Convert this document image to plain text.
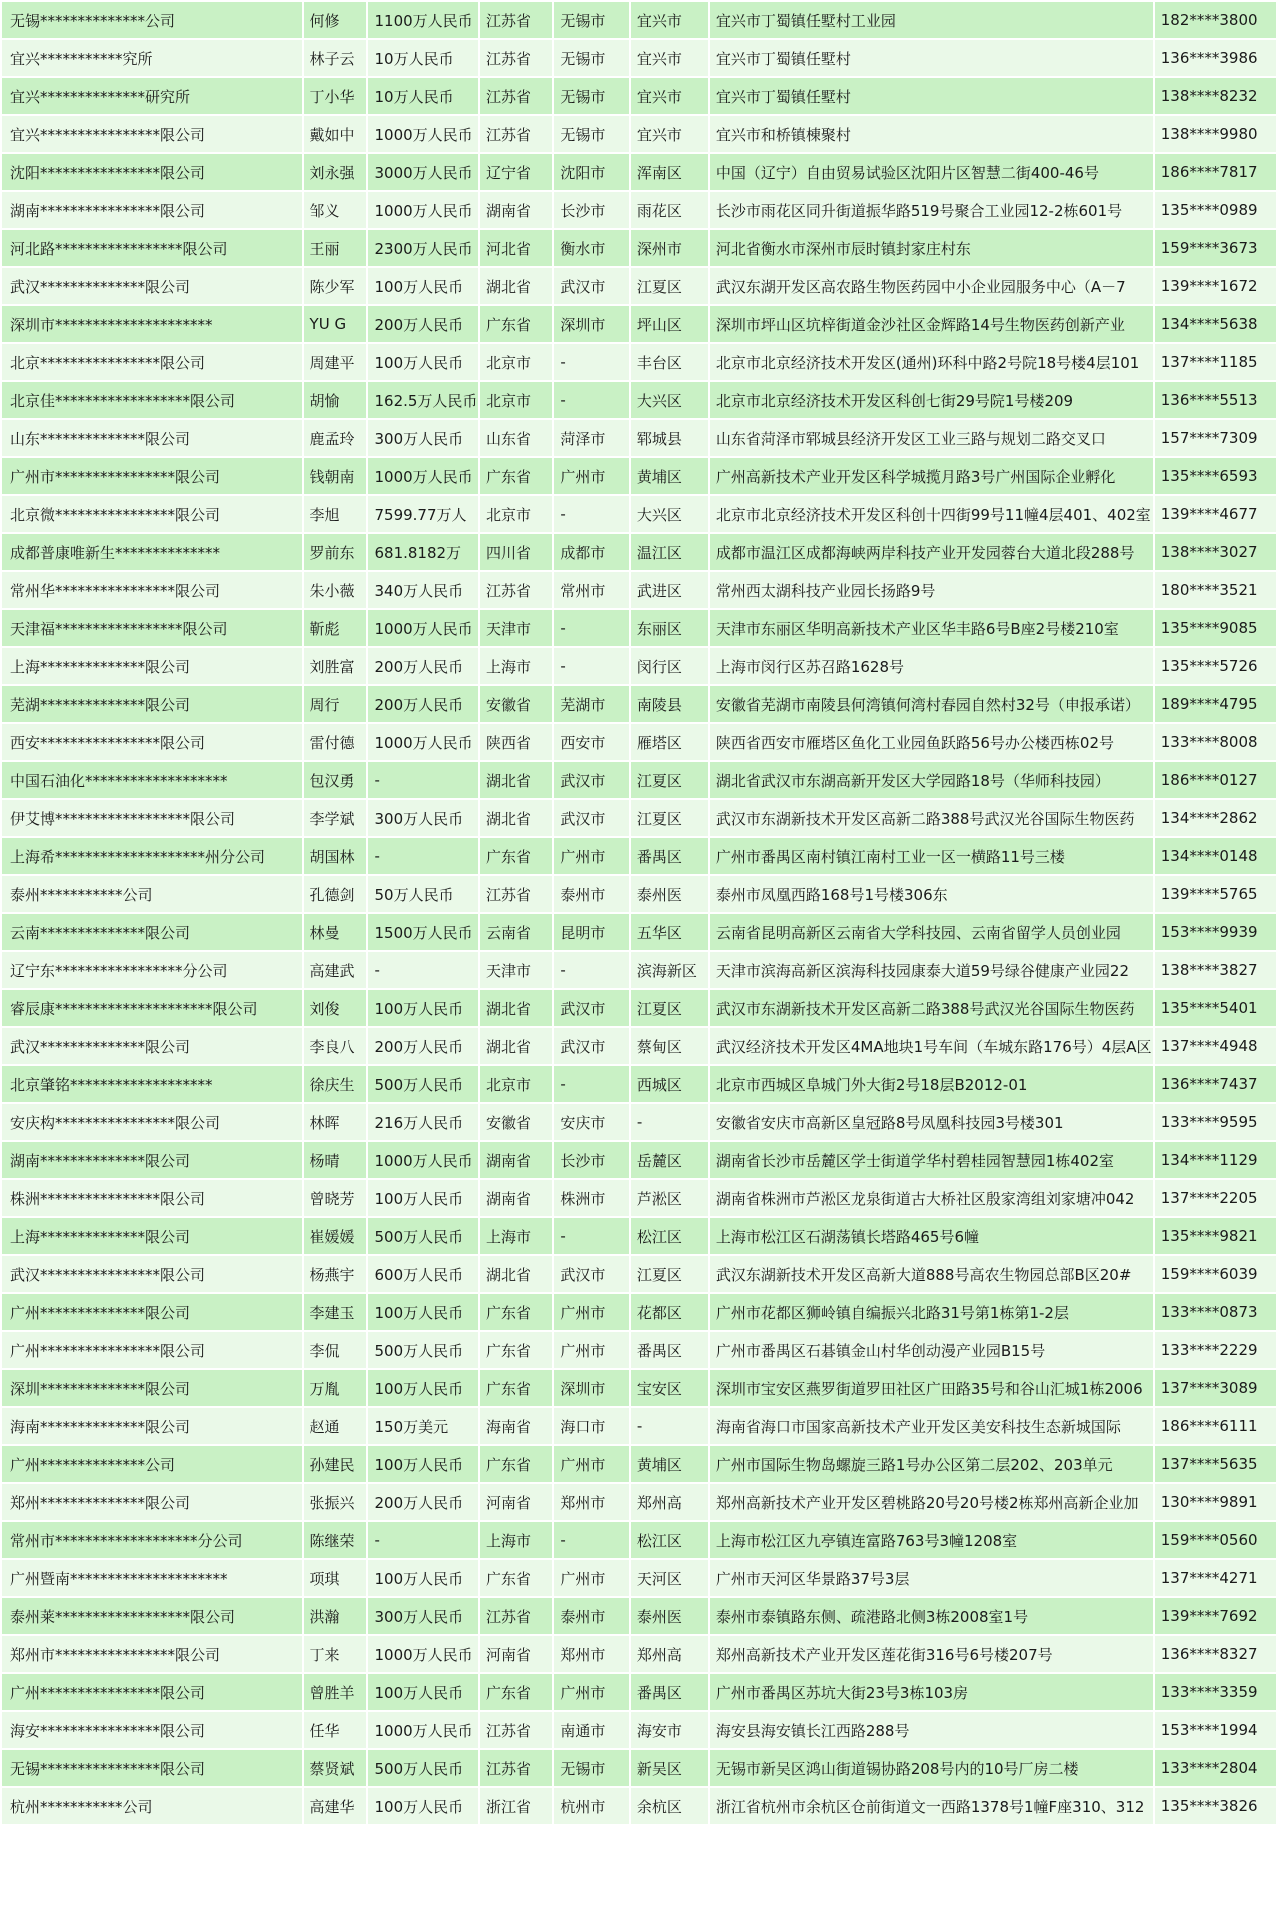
无锡**************公司	何修	1100万人民币	江苏省	无锡市	宜兴市	宜兴市丁蜀镇任墅村工业园	182****3800
宜兴***********究所	林子云	10万人民币	江苏省	无锡市	宜兴市	宜兴市丁蜀镇任墅村	136****3986
宜兴**************研究所	丁小华	10万人民币	江苏省	无锡市	宜兴市	宜兴市丁蜀镇任墅村	138****8232
宜兴****************限公司	戴如中	1000万人民币	江苏省	无锡市	宜兴市	宜兴市和桥镇棟聚村	138****9980
沈阳****************限公司	刘永强	3000万人民币	辽宁省	沈阳市	浑南区	中国（辽宁）自由贸易试验区沈阳片区智慧二街400-46号	186****7817
湖南****************限公司	邹义	1000万人民币	湖南省	长沙市	雨花区	长沙市雨花区同升街道振华路519号聚合工业园12-2栋601号	135****0989
河北路*****************限公司	王丽	2300万人民币	河北省	衡水市	深州市	河北省衡水市深州市辰时镇封家庄村东	159****3673
武汉**************限公司	陈少军	100万人民币	湖北省	武汉市	江夏区	武汉东湖开发区高农路生物医药园中小企业园服务中心（A－7	139****1672
深圳市*********************	YU G	200万人民币	广东省	深圳市	坪山区	深圳市坪山区坑梓街道金沙社区金辉路14号生物医药创新产业	134****5638
北京****************限公司	周建平	100万人民币	北京市	-	丰台区	北京市北京经济技术开发区(通州)环科中路2号院18号楼4层101	137****1185
北京佳******************限公司	胡愉	162.5万人民币	北京市	-	大兴区	北京市北京经济技术开发区科创七街29号院1号楼209	136****5513
山东**************限公司	鹿孟玲	300万人民币	山东省	菏泽市	郓城县	山东省菏泽市郓城县经济开发区工业三路与规划二路交叉口	157****7309
广州市****************限公司	钱朝南	1000万人民币	广东省	广州市	黄埔区	广州高新技术产业开发区科学城揽月路3号广州国际企业孵化	135****6593
北京微****************限公司	李旭	7599.77万人	北京市	-	大兴区	北京市北京经济技术开发区科创十四街99号11幢4层401、402室	139****4677
成都普康唯新生**************	罗前东	681.8182万	四川省	成都市	温江区	成都市温江区成都海峡两岸科技产业开发园蓉台大道北段288号	138****3027
常州华****************限公司	朱小薇	340万人民币	江苏省	常州市	武进区	常州西太湖科技产业园长扬路9号	180****3521
天津福*****************限公司	靳彪	1000万人民币	天津市	-	东丽区	天津市东丽区华明高新技术产业区华丰路6号B座2号楼210室	135****9085
上海**************限公司	刘胜富	200万人民币	上海市	-	闵行区	上海市闵行区苏召路1628号	135****5726
芜湖**************限公司	周行	200万人民币	安徽省	芜湖市	南陵县	安徽省芜湖市南陵县何湾镇何湾村春园自然村32号（申报承诺）	189****4795
西安****************限公司	雷付德	1000万人民币	陕西省	西安市	雁塔区	陕西省西安市雁塔区鱼化工业园鱼跃路56号办公楼西栋02号	133****8008
中国石油化*******************	包汉勇	-	湖北省	武汉市	江夏区	湖北省武汉市东湖高新开发区大学园路18号（华师科技园）	186****0127
伊艾博******************限公司	李学斌	300万人民币	湖北省	武汉市	江夏区	武汉市东湖新技术开发区高新二路388号武汉光谷国际生物医药	134****2862
上海希********************州分公司	胡国林	-	广东省	广州市	番禺区	广州市番禺区南村镇江南村工业一区一横路11号三楼	134****0148
泰州***********公司	孔德剑	50万人民币	江苏省	泰州市	泰州医	泰州市凤凰西路168号1号楼306东	139****5765
云南**************限公司	林曼	1500万人民币	云南省	昆明市	五华区	云南省昆明高新区云南省大学科技园、云南省留学人员创业园	153****9939
辽宁东*****************分公司	高建武	-	天津市	-	滨海新区	天津市滨海高新区滨海科技园康泰大道59号绿谷健康产业园22	138****3827
睿辰康*********************限公司	刘俊	100万人民币	湖北省	武汉市	江夏区	武汉市东湖新技术开发区高新二路388号武汉光谷国际生物医药	135****5401
武汉**************限公司	李良八	200万人民币	湖北省	武汉市	蔡甸区	武汉经济技术开发区4MA地块1号车间（车城东路176号）4层A区	137****4948
北京肇铭*******************	徐庆生	500万人民币	北京市	-	西城区	北京市西城区阜城门外大街2号18层B2012-01	136****7437
安庆构****************限公司	林晖	216万人民币	安徽省	安庆市	-	安徽省安庆市高新区皇冠路8号凤凰科技园3号楼301	133****9595
湖南**************限公司	杨晴	1000万人民币	湖南省	长沙市	岳麓区	湖南省长沙市岳麓区学士街道学华村碧桂园智慧园1栋402室	134****1129
株洲****************限公司	曾晓芳	100万人民币	湖南省	株洲市	芦淞区	湖南省株洲市芦淞区龙泉街道古大桥社区殷家湾组刘家塘冲042	137****2205
上海**************限公司	崔媛媛	500万人民币	上海市	-	松江区	上海市松江区石湖荡镇长塔路465号6幢	135****9821
武汉****************限公司	杨燕宇	600万人民币	湖北省	武汉市	江夏区	武汉东湖新技术开发区高新大道888号高农生物园总部B区20#	159****6039
广州**************限公司	李建玉	100万人民币	广东省	广州市	花都区	广州市花都区狮岭镇自编振兴北路31号第1栋第1-2层	133****0873
广州****************限公司	李侃	500万人民币	广东省	广州市	番禺区	广州市番禺区石碁镇金山村华创动漫产业园B15号	133****2229
深圳**************限公司	万胤	100万人民币	广东省	深圳市	宝安区	深圳市宝安区燕罗街道罗田社区广田路35号和谷山汇城1栋2006	137****3089
海南**************限公司	赵通	150万美元	海南省	海口市	-	海南省海口市国家高新技术产业开发区美安科技生态新城国际	186****6111
广州**************公司	孙建民	100万人民币	广东省	广州市	黄埔区	广州市国际生物岛螺旋三路1号办公区第二层202、203单元	137****5635
郑州**************限公司	张振兴	200万人民币	河南省	郑州市	郑州高	郑州高新技术产业开发区碧桃路20号20号楼2栋郑州高新企业加	130****9891
常州市*******************分公司	陈继荣	-	上海市	-	松江区	上海市松江区九亭镇连富路763号3幢1208室	159****0560
广州暨南*********************	项琪	100万人民币	广东省	广州市	天河区	广州市天河区华景路37号3层	137****4271
泰州莱******************限公司	洪瀚	300万人民币	江苏省	泰州市	泰州医	泰州市泰镇路东侧、疏港路北侧3栋2008室1号	139****7692
郑州市****************限公司	丁来	1000万人民币	河南省	郑州市	郑州高	郑州高新技术产业开发区莲花街316号6号楼207号	136****8327
广州****************限公司	曾胜羊	100万人民币	广东省	广州市	番禺区	广州市番禺区苏坑大街23号3栋103房	133****3359
海安****************限公司	任华	1000万人民币	江苏省	南通市	海安市	海安县海安镇长江西路288号	153****1994
无锡****************限公司	蔡贤斌	500万人民币	江苏省	无锡市	新吴区	无锡市新吴区鸿山街道锡协路208号内的10号厂房二楼	133****2804
杭州***********公司	高建华	100万人民币	浙江省	杭州市	余杭区	浙江省杭州市余杭区仓前街道文一西路1378号1幢F座310、312	135****3826
